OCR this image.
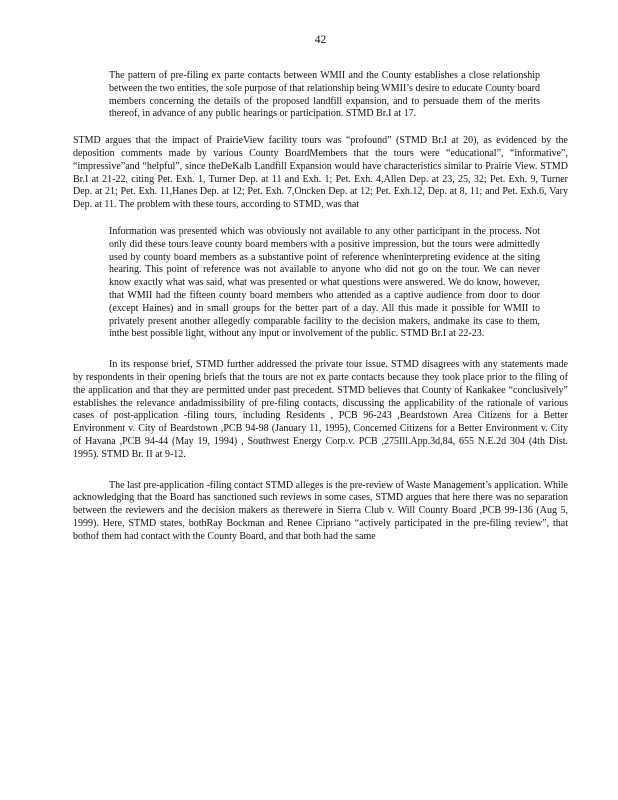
42

The pattern of pre-filing ex parte contacts between WMII and the County establishes a close relationship between the two entities, the sole purpose of that relationship being WMII’s desire to educate County board members concerning the details of the proposed landfill expansion, and to persuade them of the merits thereof, in advance of any public hearings or participation. STMD Br.I at 17.

STMD argues that the impact of PrairieView facility tours was “profound” (STMD Br.I at 20), as evidenced by the deposition comments made by various County BoardMembers that the tours were “educational”, “informative”, “impressive”and “helpful”, since theDeKalb Landfill Expansion would have characteristics similar to Prairie View. STMD Br.I at 21-22, citing Pet. Exh. 1, Turner Dep. at 11 and Exh. 1; Pet. Exh. 4,Allen Dep. at 23, 25, 32; Pet. Exh. 9, Turner Dep. at 21; Pet. Exh. 11,Hanes Dep. at 12; Pet. Exh. 7,Oncken Dep. at 12; Pet. Exh.12, Dep. at 8, 11; and Pet. Exh.6, Vary Dep. at 11. The problem with these tours, according to STMD, was that

Information was presented which was obviously not available to any other participant in the process. Not only did these tours leave county board members with a positive impression, but the tours were admittedly used by county board members as a substantive point of reference wheninterpreting evidence at the siting hearing. This point of reference was not available to anyone who did not go on the tour. We can never know exactly what was said, what was presented or what questions were answered. We do know, however, that WMII had the fifteen county board members who attended as a captive audience from door to door (except Haines) and in small groups for the better part of a day. All this made it possible for WMII to privately present another allegedly comparable facility to the decision makers, andmake its case to them, inthe best possible light, without any input or involvement of the public. STMD Br.I at 22-23.

In its response brief, STMD further addressed the private tour issue. STMD disagrees with any statements made by respondents in their opening briefs that the tours are not ex parte contacts because they took place prior to the filing of the application and that they are permitted under past precedent. STMD believes that County of Kankakee “conclusively” establishes the relevance andadmissibility of pre-filing contacts, discussing the applicability of the rationale of various cases of post-application -filing tours, including Residents , PCB 96-243 ,Beardstown Area Citizens for a Better Environment v. City of Beardstown ,PCB 94-98 (January 11, 1995), Concerned Citizens for a Better Environment v. City of Havana ,PCB 94-44 (May 19, 1994) , Southwest Energy Corp.v. PCB ,275Ill.App.3d,84, 655 N.E.2d 304 (4th Dist. 1995). STMD Br. II at 9-12.

The last pre-application -filing contact STMD alleges is the pre-review of Waste Management’s application. While acknowledging that the Board has sanctioned such reviews in some cases, STMD argues that here there was no separation between the reviewers and the decision makers as therewere in Sierra Club v. Will County Board ,PCB 99-136 (Aug 5, 1999). Here, STMD states, bothRay Bockman and Renee Cipriano “actively participated in the pre-filing review”, that bothof them had contact with the County Board, and that both had the same
